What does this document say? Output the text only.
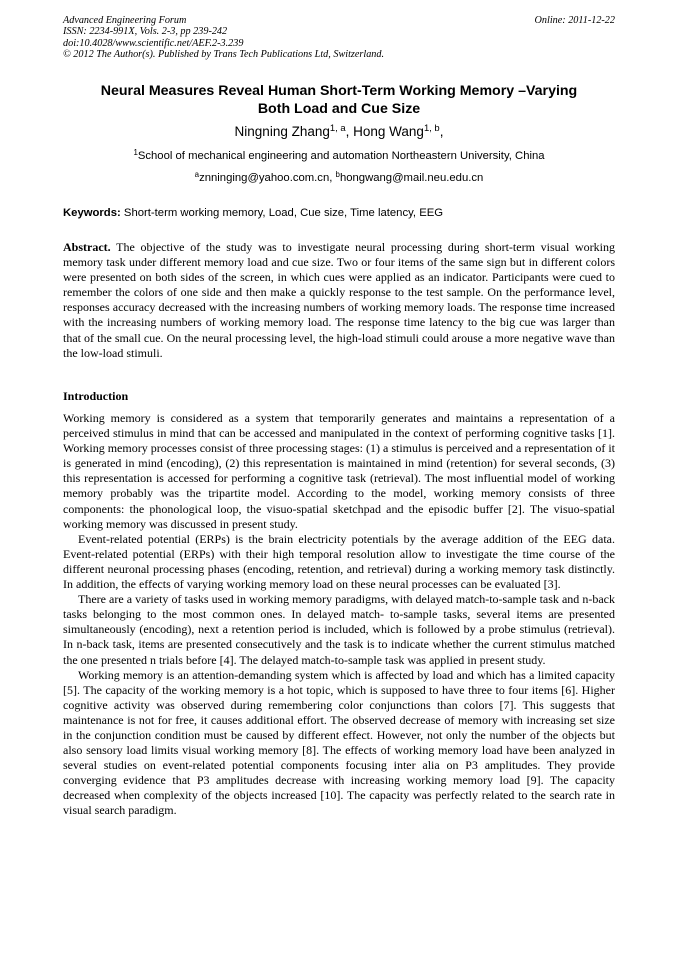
Advanced Engineering Forum	Online: 2011-12-22
ISSN: 2234-991X, Vols. 2-3, pp 239-242
doi:10.4028/www.scientific.net/AEF.2-3.239
© 2012 The Author(s). Published by Trans Tech Publications Ltd, Switzerland.
Neural Measures Reveal Human Short-Term Working Memory –Varying
Both Load and Cue Size
Ningning Zhang$^{1, a}$, Hong Wang$^{1, b}$,
$^1$School of mechanical engineering and automation Northeastern University, China
$^a$znninging@yahoo.com.cn, $^b$hongwang@mail.neu.edu.cn
Keywords: Short-term working memory, Load, Cue size, Time latency, EEG

Abstract. The objective of the study was to investigate neural processing during short-term visual working memory task under different memory load and cue size. Two or four items of the same sign but in different colors were presented on both sides of the screen, in which cues were applied as an indicator. Participants were cued to remember the colors of one side and then make a quickly response to the test sample. On the performance level, responses accuracy decreased with the increasing numbers of working memory loads. The response time increased with the increasing numbers of working memory load. The response time latency to the big cue was larger than that of the small cue. On the neural processing level, the high-load stimuli could arouse a more negative wave than the low-load stimuli.

Introduction

Working memory is considered as a system that temporarily generates and maintains a representation of a perceived stimulus in mind that can be accessed and manipulated in the context of performing cognitive tasks [1]. Working memory processes consist of three processing stages: (1) a stimulus is perceived and a representation of it is generated in mind (encoding), (2) this representation is maintained in mind (retention) for several seconds, (3) this representation is accessed for performing a cognitive task (retrieval). The most influential model of working memory probably was the tripartite model. According to the model, working memory consists of three components: the phonological loop, the visuo-spatial sketchpad and the episodic buffer [2]. The visuo-spatial working memory was discussed in present study.

Event-related potential (ERPs) is the brain electricity potentials by the average addition of the EEG data. Event-related potential (ERPs) with their high temporal resolution allow to investigate the time course of the different neuronal processing phases (encoding, retention, and retrieval) during a working memory task distinctly. In addition, the effects of varying working memory load on these neural processes can be evaluated [3].

There are a variety of tasks used in working memory paradigms, with delayed match-to-sample task and n-back tasks belonging to the most common ones. In delayed match- to-sample tasks, several items are presented simultaneously (encoding), next a retention period is included, which is followed by a probe stimulus (retrieval). In n-back task, items are presented consecutively and the task is to indicate whether the current stimulus matched the one presented n trials before [4]. The delayed match-to-sample task was applied in present study.

Working memory is an attention-demanding system which is affected by load and which has a limited capacity [5]. The capacity of the working memory is a hot topic, which is supposed to have three to four items [6]. Higher cognitive activity was observed during remembering color conjunctions than colors [7]. This suggests that maintenance is not for free, it causes additional effort. The observed decrease of memory with increasing set size in the conjunction condition must be caused by different effect. However, not only the number of the objects but also sensory load limits visual working memory [8]. The effects of working memory load have been analyzed in several studies on event-related potential components focusing inter alia on P3 amplitudes. They provide converging evidence that P3 amplitudes decrease with increasing working memory load [9]. The capacity decreased when complexity of the objects increased [10]. The capacity was perfectly related to the search rate in visual search paradigm.
